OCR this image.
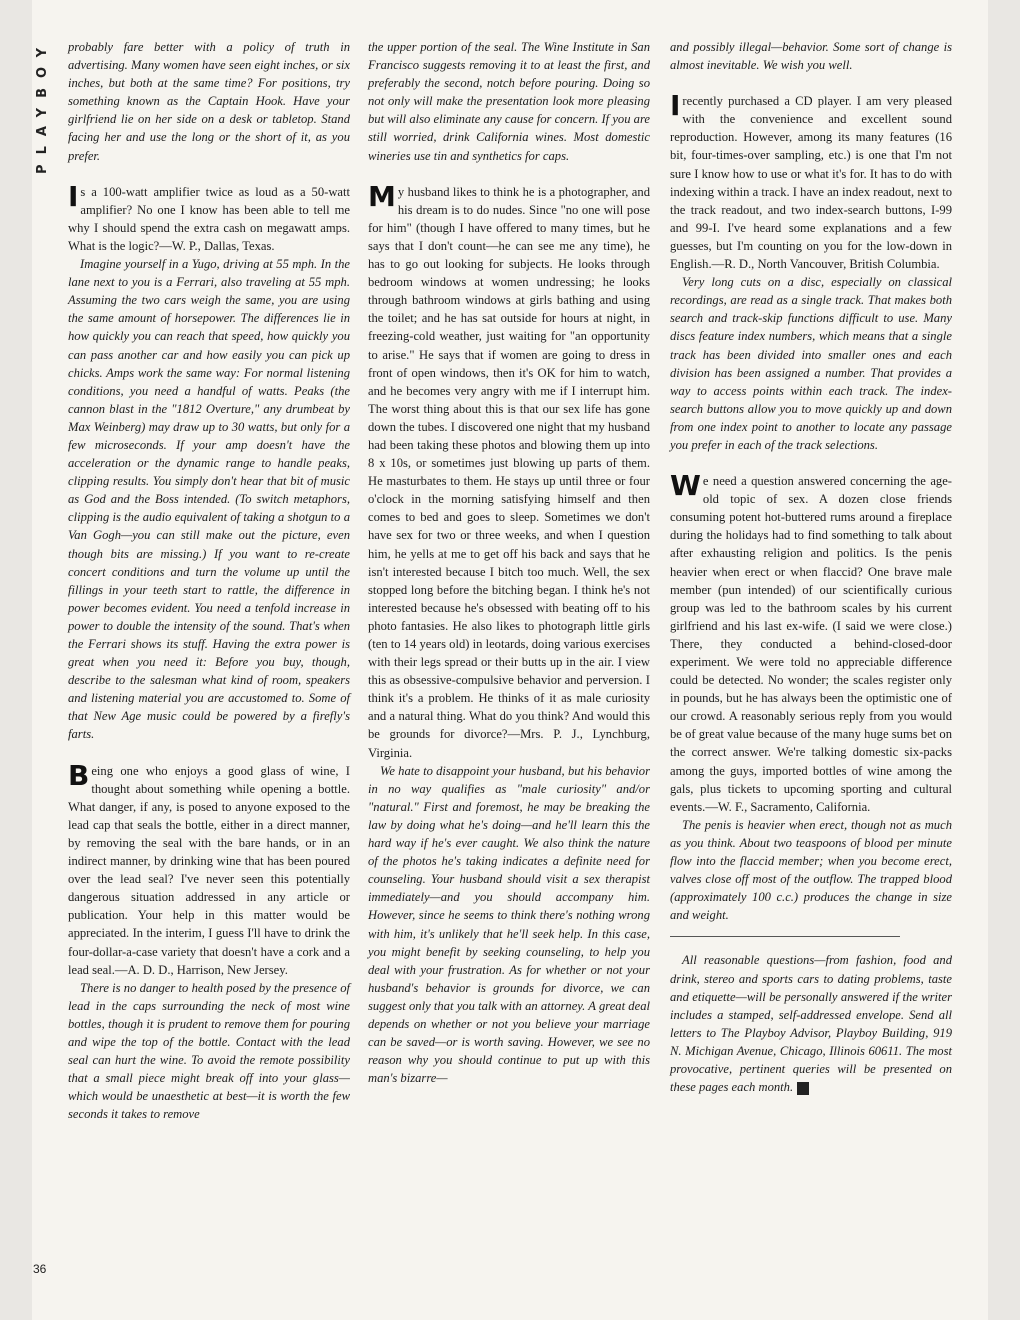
PLAYBOY
36

probably fare better with a policy of truth in advertising. Many women have seen eight inches, or six inches, but both at the same time? For positions, try something known as the Captain Hook. Have your girlfriend lie on her side on a desk or tabletop. Stand facing her and use the long or the short of it, as you prefer.

Is a 100-watt amplifier twice as loud as a 50-watt amplifier? No one I know has been able to tell me why I should spend the extra cash on megawatt amps. What is the logic?—W. P., Dallas, Texas.

Imagine yourself in a Yugo, driving at 55 mph. In the lane next to you is a Ferrari, also traveling at 55 mph. Assuming the two cars weigh the same, you are using the same amount of horsepower. The differences lie in how quickly you can reach that speed, how quickly you can pass another car and how easily you can pick up chicks. Amps work the same way: For normal listening conditions, you need a handful of watts. Peaks (the cannon blast in the "1812 Overture," any drumbeat by Max Weinberg) may draw up to 30 watts, but only for a few microseconds. If your amp doesn't have the acceleration or the dynamic range to handle peaks, clipping results. You simply don't hear that bit of music as God and the Boss intended. (To switch metaphors, clipping is the audio equivalent of taking a shotgun to a Van Gogh—you can still make out the picture, even though bits are missing.) If you want to re-create concert conditions and turn the volume up until the fillings in your teeth start to rattle, the difference in power becomes evident. You need a tenfold increase in power to double the intensity of the sound. That's when the Ferrari shows its stuff. Having the extra power is great when you need it: Before you buy, though, describe to the salesman what kind of room, speakers and listening material you are accustomed to. Some of that New Age music could be powered by a firefly's farts.

Being one who enjoys a good glass of wine, I thought about something while opening a bottle. What danger, if any, is posed to anyone exposed to the lead cap that seals the bottle, either in a direct manner, by removing the seal with the bare hands, or in an indirect manner, by drinking wine that has been poured over the lead seal? I've never seen this potentially dangerous situation addressed in any article or publication. Your help in this matter would be appreciated. In the interim, I guess I'll have to drink the four-dollar-a-case variety that doesn't have a cork and a lead seal.—A. D. D., Harrison, New Jersey.

There is no danger to health posed by the presence of lead in the caps surrounding the neck of most wine bottles, though it is prudent to remove them for pouring and wipe the top of the bottle. Contact with the lead seal can hurt the wine. To avoid the remote possibility that a small piece might break off into your glass—which would be unaesthetic at best—it is worth the few seconds it takes to remove

the upper portion of the seal. The Wine Institute in San Francisco suggests removing it to at least the first, and preferably the second, notch before pouring. Doing so not only will make the presentation look more pleasing but will also eliminate any cause for concern. If you are still worried, drink California wines. Most domestic wineries use tin and synthetics for caps.

My husband likes to think he is a photographer, and his dream is to do nudes. Since "no one will pose for him" (though I have offered to many times, but he says that I don't count—he can see me any time), he has to go out looking for subjects. He looks through bedroom windows at women undressing; he looks through bathroom windows at girls bathing and using the toilet; and he has sat outside for hours at night, in freezing-cold weather, just waiting for "an opportunity to arise." He says that if women are going to dress in front of open windows, then it's OK for him to watch, and he becomes very angry with me if I interrupt him. The worst thing about this is that our sex life has gone down the tubes. I discovered one night that my husband had been taking these photos and blowing them up into 8 x 10s, or sometimes just blowing up parts of them. He masturbates to them. He stays up until three or four o'clock in the morning satisfying himself and then comes to bed and goes to sleep. Sometimes we don't have sex for two or three weeks, and when I question him, he yells at me to get off his back and says that he isn't interested because I bitch too much. Well, the sex stopped long before the bitching began. I think he's not interested because he's obsessed with beating off to his photo fantasies. He also likes to photograph little girls (ten to 14 years old) in leotards, doing various exercises with their legs spread or their butts up in the air. I view this as obsessive-compulsive behavior and perversion. I think it's a problem. He thinks of it as male curiosity and a natural thing. What do you think? And would this be grounds for divorce?—Mrs. P. J., Lynchburg, Virginia.

We hate to disappoint your husband, but his behavior in no way qualifies as "male curiosity" and/or "natural." First and foremost, he may be breaking the law by doing what he's doing—and he'll learn this the hard way if he's ever caught. We also think the nature of the photos he's taking indicates a definite need for counseling. Your husband should visit a sex therapist immediately—and you should accompany him. However, since he seems to think there's nothing wrong with him, it's unlikely that he'll seek help. In this case, you might benefit by seeking counseling, to help you deal with your frustration. As for whether or not your husband's behavior is grounds for divorce, we can suggest only that you talk with an attorney. A great deal depends on whether or not you believe your marriage can be saved—or is worth saving. However, we see no reason why you should continue to put up with this man's bizarre—

and possibly illegal—behavior. Some sort of change is almost inevitable. We wish you well.

I recently purchased a CD player. I am very pleased with the convenience and excellent sound reproduction. However, among its many features (16 bit, four-times-over sampling, etc.) is one that I'm not sure I know how to use or what it's for. It has to do with indexing within a track. I have an index readout, next to the track readout, and two index-search buttons, I-99 and 99-I. I've heard some explanations and a few guesses, but I'm counting on you for the low-down in English.—R. D., North Vancouver, British Columbia.

Very long cuts on a disc, especially on classical recordings, are read as a single track. That makes both search and track-skip functions difficult to use. Many discs feature index numbers, which means that a single track has been divided into smaller ones and each division has been assigned a number. That provides a way to access points within each track. The index-search buttons allow you to move quickly up and down from one index point to another to locate any passage you prefer in each of the track selections.

We need a question answered concerning the age-old topic of sex. A dozen close friends consuming potent hot-buttered rums around a fireplace during the holidays had to find something to talk about after exhausting religion and politics. Is the penis heavier when erect or when flaccid? One brave male member (pun intended) of our scientifically curious group was led to the bathroom scales by his current girlfriend and his last ex-wife. (I said we were close.) There, they conducted a behind-closed-door experiment. We were told no appreciable difference could be detected. No wonder; the scales register only in pounds, but he has always been the optimistic one of our crowd. A reasonably serious reply from you would be of great value because of the many huge sums bet on the correct answer. We're talking domestic six-packs among the guys, imported bottles of wine among the gals, plus tickets to upcoming sporting and cultural events.—W. F., Sacramento, California.

The penis is heavier when erect, though not as much as you think. About two teaspoons of blood per minute flow into the flaccid member; when you become erect, valves close off most of the outflow. The trapped blood (approximately 100 c.c.) produces the change in size and weight.

All reasonable questions—from fashion, food and drink, stereo and sports cars to dating problems, taste and etiquette—will be personally answered if the writer includes a stamped, self-addressed envelope. Send all letters to The Playboy Advisor, Playboy Building, 919 N. Michigan Avenue, Chicago, Illinois 60611. The most provocative, pertinent queries will be presented on these pages each month. ❀
